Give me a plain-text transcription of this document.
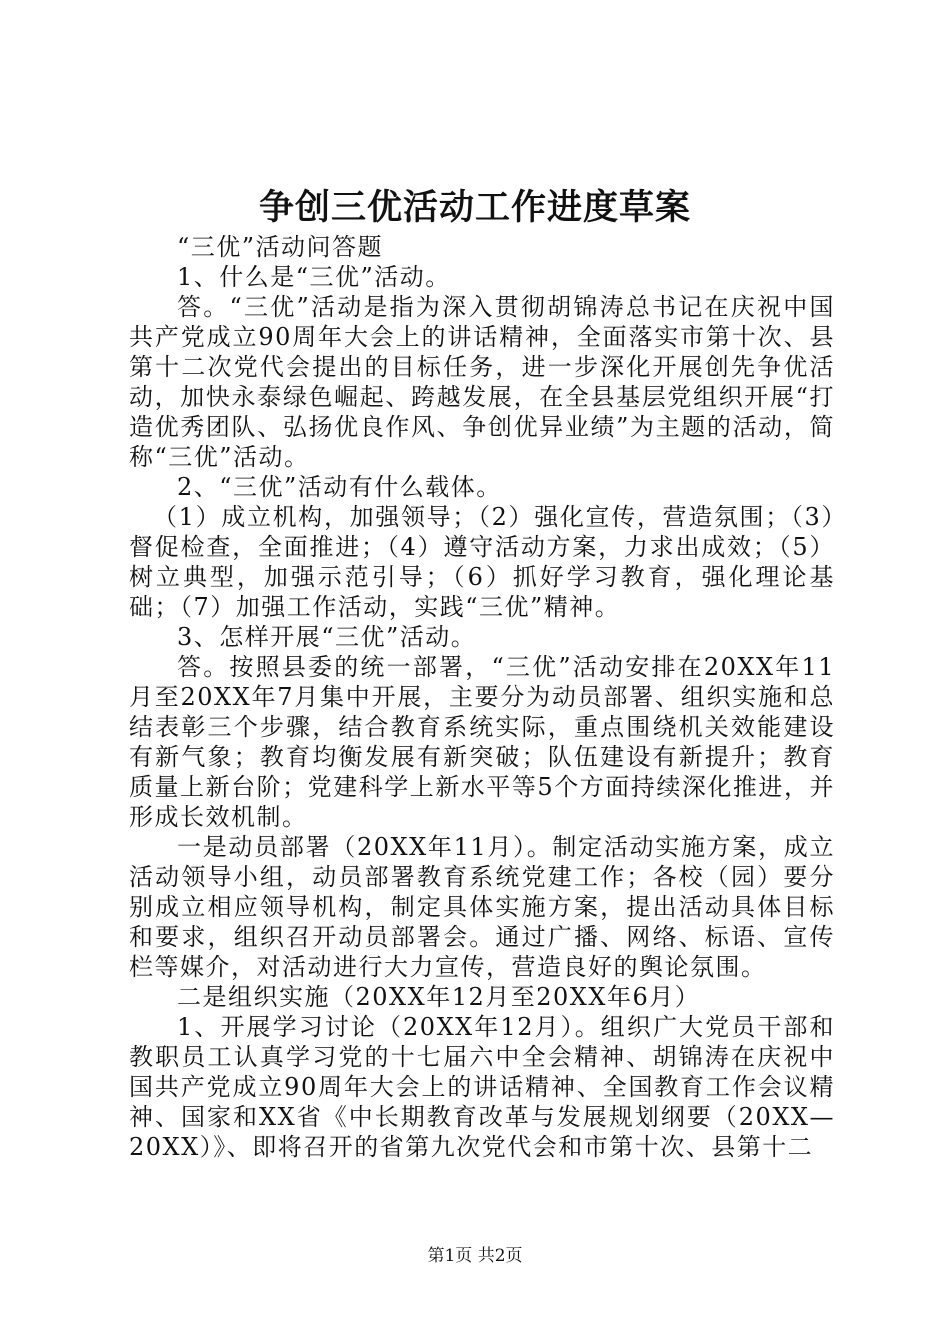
争创三优活动工作进度草案

“三优”活动问答题

1、什么是“三优”活动。

答。“三优”活动是指为深入贯彻胡锦涛总书记在庆祝中国共产党成立90周年大会上的讲话精神，全面落实市第十次、县第十二次党代会提出的目标任务，进一步深化开展创先争优活动，加快永泰绿色崛起、跨越发展，在全县基层党组织开展“打造优秀团队、弘扬优良作风、争创优异业绩”为主题的活动，简称“三优”活动。

2、“三优”活动有什么载体。

（1）成立机构，加强领导；（2）强化宣传，营造氛围；（3）督促检查，全面推进；（4）遵守活动方案，力求出成效；（5）树立典型，加强示范引导；（6）抓好学习教育，强化理论基础；（7）加强工作活动，实践“三优”精神。

3、怎样开展“三优”活动。

答。按照县委的统一部署，“三优”活动安排在20XX年11月至20XX年7月集中开展，主要分为动员部署、组织实施和总结表彰三个步骤，结合教育系统实际，重点围绕机关效能建设有新气象；教育均衡发展有新突破；队伍建设有新提升；教育质量上新台阶；党建科学上新水平等5个方面持续深化推进，并形成长效机制。

一是动员部署（20XX年11月）。制定活动实施方案，成立活动领导小组，动员部署教育系统党建工作；各校（园）要分别成立相应领导机构，制定具体实施方案，提出活动具体目标和要求，组织召开动员部署会。通过广播、网络、标语、宣传栏等媒介，对活动进行大力宣传，营造良好的舆论氛围。

二是组织实施（20XX年12月至20XX年6月）

1、开展学习讨论（20XX年12月）。组织广大党员干部和教职员工认真学习党的十七届六中全会精神、胡锦涛在庆祝中国共产党成立90周年大会上的讲话精神、全国教育工作会议精神、国家和XX省《中长期教育改革与发展规划纲要（20XX—20XX）》、即将召开的省第九次党代会和市第十次、县第十二

第1页 共2页
